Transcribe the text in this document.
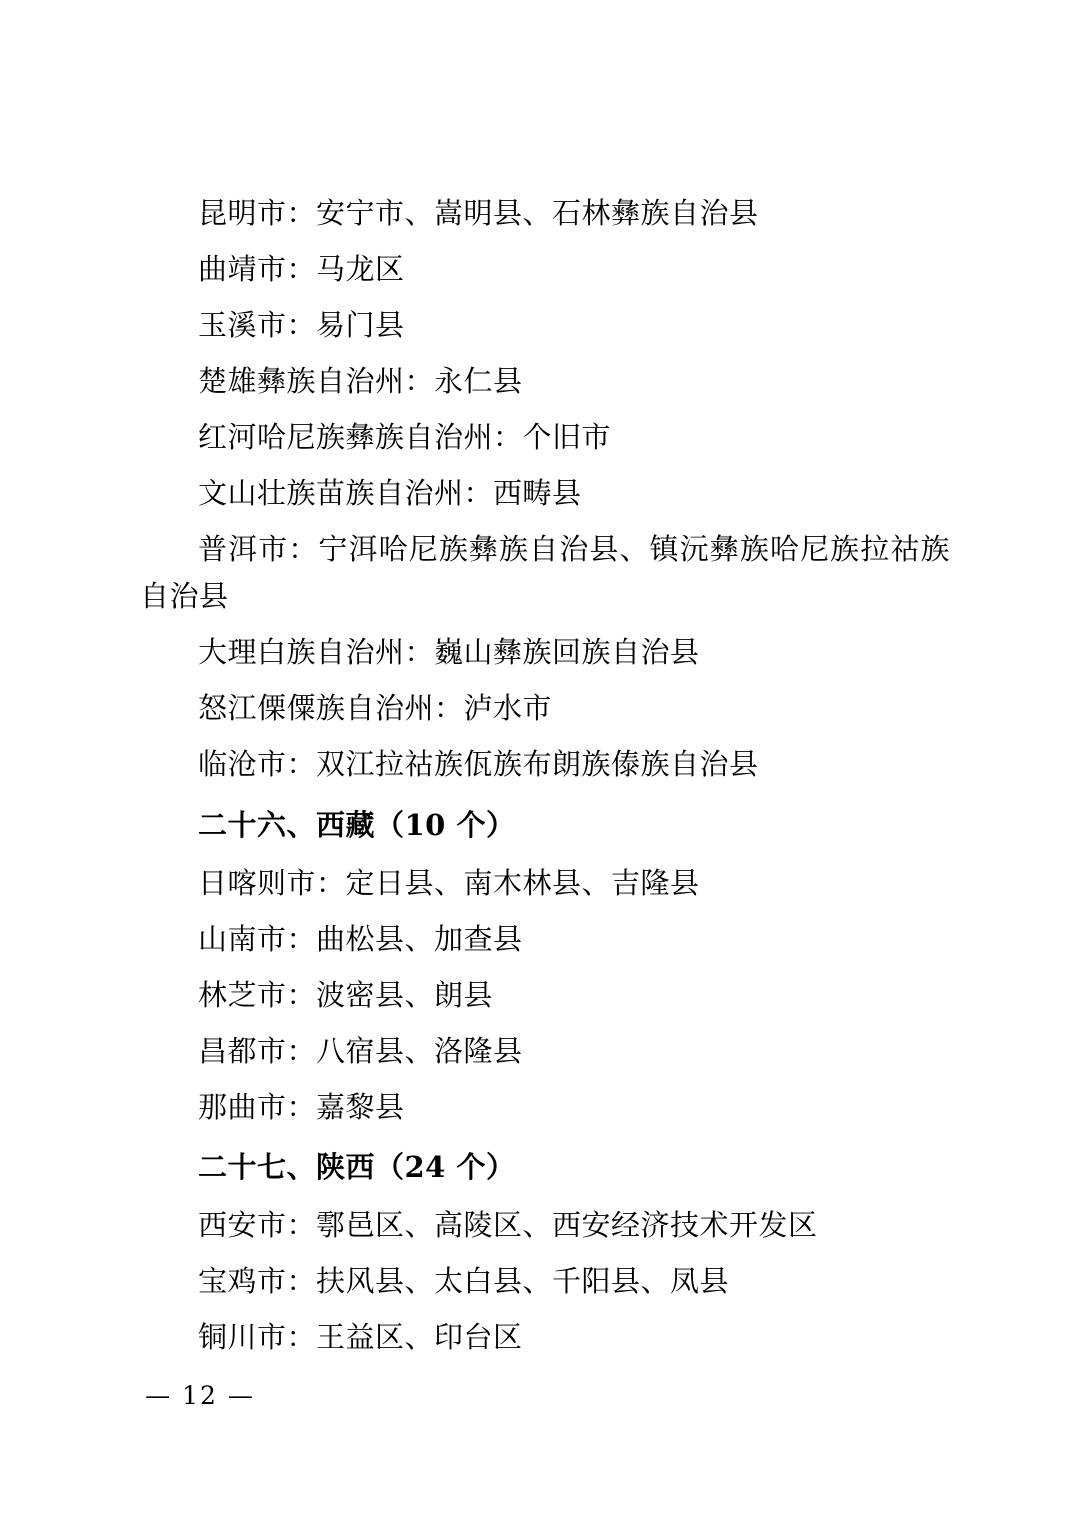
昆明市：安宁市、嵩明县、石林彝族自治县
曲靖市：马龙区
玉溪市：易门县
楚雄彝族自治州：永仁县
红河哈尼族彝族自治州：个旧市
文山壮族苗族自治州：西畴县
普洱市：宁洱哈尼族彝族自治县、镇沅彝族哈尼族拉祜族自治县
大理白族自治州：巍山彝族回族自治县
怒江傈僳族自治州：泸水市
临沧市：双江拉祜族佤族布朗族傣族自治县
二十六、西藏（10 个）
日喀则市：定日县、南木林县、吉隆县
山南市：曲松县、加查县
林芝市：波密县、朗县
昌都市：八宿县、洛隆县
那曲市：嘉黎县
二十七、陕西（24 个）
西安市：鄠邑区、高陵区、西安经济技术开发区
宝鸡市：扶风县、太白县、千阳县、凤县
铜川市：王益区、印台区
— 12 —
